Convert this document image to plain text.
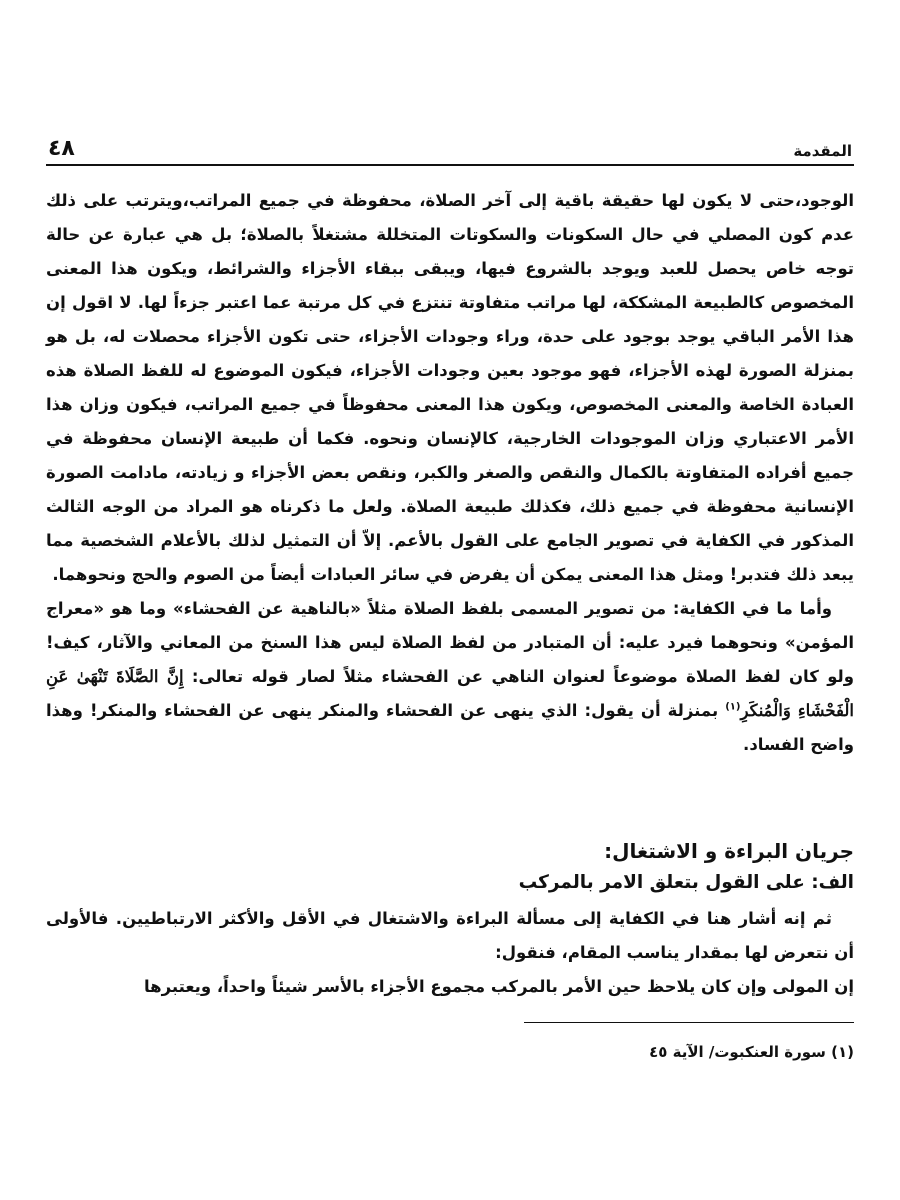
٤٨	المقدمة

الوجود،حتى لا يكون لها حقيقة باقية إلى آخر الصلاة، محفوظة في جميع المراتب،ويترتب على ذلك عدم كون المصلي في حال السكونات والسكوتات المتخللة مشتغلاً بالصلاة؛ بل هي عبارة عن حالة توجه خاص يحصل للعبد ويوجد بالشروع فيها، ويبقى ببقاء الأجزاء والشرائط، ويكون هذا المعنى المخصوص كالطبيعة المشككة، لها مراتب متفاوتة تنتزع في كل مرتبة عما اعتبر جزءاً لها. لا اقول إن هذا الأمر الباقي يوجد بوجود على حدة، وراء وجودات الأجزاء، حتى تكون الأجزاء محصلات له، بل هو بمنزلة الصورة لهذه الأجزاء، فهو موجود بعين وجودات الأجزاء، فيكون الموضوع له للفظ الصلاة هذه العبادة الخاصة والمعنى المخصوص، ويكون هذا المعنى محفوظاً في جميع المراتب، فيكون وزان هذا الأمر الاعتباري وزان الموجودات الخارجية، كالإنسان ونحوه. فكما أن طبيعة الإنسان محفوظة في جميع أفراده المتفاوتة بالكمال والنقص والصغر والكبر، ونقص بعض الأجزاء و زيادته، مادامت الصورة الإنسانية محفوظة في جميع ذلك، فكذلك طبيعة الصلاة. ولعل ما ذكرناه هو المراد من الوجه الثالث المذكور في الكفاية في تصوير الجامع على القول بالأعم. إلاّ أن التمثيل لذلك بالأعلام الشخصية مما يبعد ذلك فتدبر! ومثل هذا المعنى يمكن أن يفرض في سائر العبادات أيضاً من الصوم والحج ونحوهما.

وأما ما في الكفاية: من تصوير المسمى بلفظ الصلاة مثلاً «بالناهية عن الفحشاء» وما هو «معراج المؤمن» ونحوهما فيرد عليه: أن المتبادر من لفظ الصلاة ليس هذا السنخ من المعاني والآثار، كيف! ولو كان لفظ الصلاة موضوعاً لعنوان الناهي عن الفحشاء مثلاً لصار قوله تعالى: إِنَّ الصَّلَاةَ تَنْهَىٰ عَنِ الْفَحْشَاءِ وَالْمُنكَرِ$^{(١)}$ بمنزلة أن يقول: الذي ينهى عن الفحشاء والمنكر ينهى عن الفحشاء والمنكر! وهذا واضح الفساد.

جريان البراءة و الاشتغال:
الف: على القول بتعلق الامر بالمركب

ثم إنه أشار هنا في الكفاية إلى مسألة البراءة والاشتغال في الأقل والأكثر الارتباطيين. فالأولى أن نتعرض لها بمقدار يناسب المقام، فنقول:

إن المولى وإن كان يلاحظ حين الأمر بالمركب مجموع الأجزاء بالأسر شيئاً واحداً، ويعتبرها

(١) سورة العنكبوت/ الآية ٤٥
